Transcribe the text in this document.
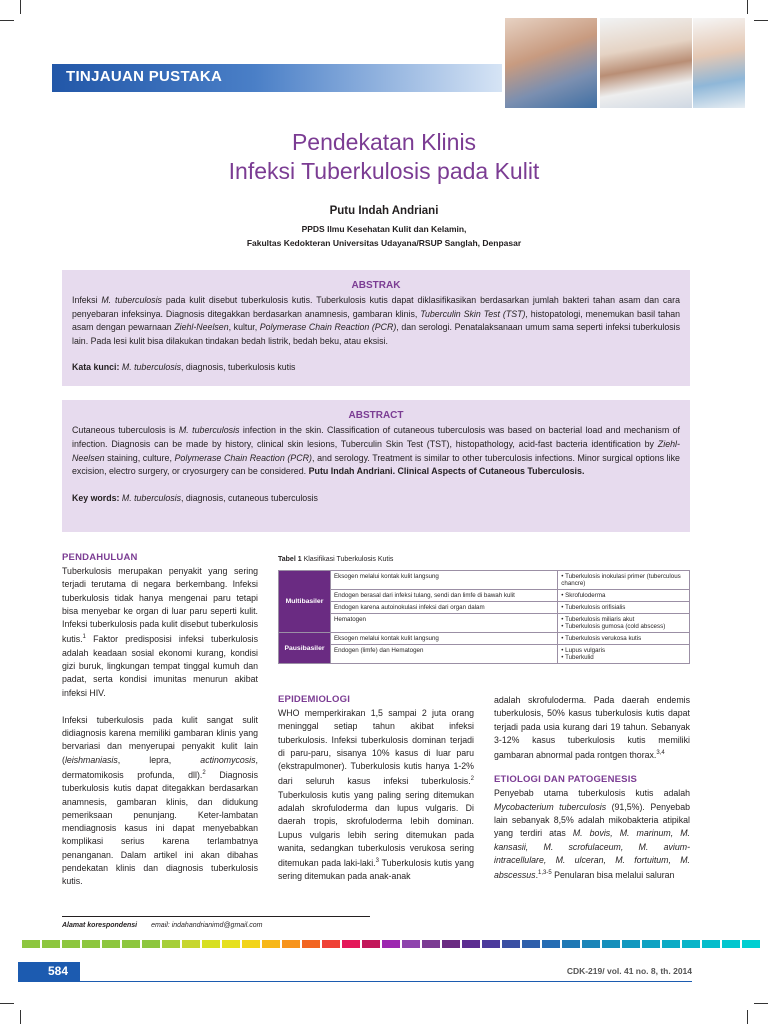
TINJAUAN PUSTAKA
Pendekatan Klinis
Infeksi Tuberkulosis pada Kulit
Putu Indah Andriani
PPDS Ilmu Kesehatan Kulit dan Kelamin,
Fakultas Kedokteran Universitas Udayana/RSUP Sanglah, Denpasar
ABSTRAK
Infeksi M. tuberculosis pada kulit disebut tuberkulosis kutis. Tuberkulosis kutis dapat diklasifikasikan berdasarkan jumlah bakteri tahan asam dan cara penyebaran infeksinya. Diagnosis ditegakkan berdasarkan anamnesis, gambaran klinis, Tuberculin Skin Test (TST), histopatologi, menemukan basil tahan asam dengan pewarnaan Ziehl-Neelsen, kultur, Polymerase Chain Reaction (PCR), dan serologi. Penatalaksanaan umum sama seperti infeksi tuberkulosis lain. Pada lesi kulit bisa dilakukan tindakan bedah listrik, bedah beku, atau eksisi.
Kata kunci: M. tuberculosis, diagnosis, tuberkulosis kutis
ABSTRACT
Cutaneous tuberculosis is M. tuberculosis infection in the skin. Classification of cutaneous tuberculosis was based on bacterial load and mechanism of infection. Diagnosis can be made by history, clinical skin lesions, Tuberculin Skin Test (TST), histopathology, acid-fast bacteria identification by Ziehl-Neelsen staining, culture, Polymerase Chain Reaction (PCR), and serology. Treatment is similar to other tuberculosis infections. Minor surgical options like excision, electro surgery, or cryosurgery can be considered. Putu Indah Andriani. Clinical Aspects of Cutaneous Tuberculosis.
Key words: M. tuberculosis, diagnosis, cutaneous tuberculosis
PENDAHULUAN
Tuberkulosis merupakan penyakit yang sering terjadi terutama di negara berkembang. Infeksi tuberkulosis tidak hanya mengenai paru tetapi bisa menyebar ke organ di luar paru seperti kulit. Infeksi tuberkulosis pada kulit disebut tuberkulosis kutis.$^1$ Faktor predisposisi infeksi tuberkulosis adalah keadaan sosial ekonomi kurang, kondisi gizi buruk, lingkungan tempat tinggal kumuh dan padat, serta kondisi imunitas menurun akibat infeksi HIV.
Infeksi tuberkulosis pada kulit sangat sulit didiagnosis karena memiliki gambaran klinis yang bervariasi dan menyerupai penyakit kulit lain (leishmaniasis, lepra, actinomycosis, dermatomikosis profunda, dll).$^2$ Diagnosis tuberkulosis kutis dapat ditegakkan berdasarkan anamnesis, gambaran klinis, dan didukung pemeriksaan penunjang. Keter-lambatan mendiagnosis kasus ini dapat menyebabkan komplikasi serius karena terlambatnya penanganan. Dalam artikel ini akan dibahas pendekatan klinis dan diagnosis tuberkulosis kutis.
Tabel 1 Klasifikasi Tuberkulosis Kutis
Multibasiler	Eksogen melalui kontak kulit langsung	• Tuberkulosis inokulasi primer (tuberculous chancre)

	Endogen berasal dari infeksi tulang, sendi dan limfe di bawah kulit	• Skrofuloderma

	Endogen karena autoinokulasi infeksi dari organ dalam	• Tuberkulosis orifisialis

	Hematogen	• Tuberkulosis miliaris akut
• Tuberkulosis gumosa (cold abscess)

Pausibasiler	Eksogen melalui kontak kulit langsung	• Tuberkulosis verukosa kutis

	Endogen (limfe) dan Hematogen	• Lupus vulgaris
• Tuberkulid
EPIDEMIOLOGI
WHO memperkirakan 1,5 sampai 2 juta orang meninggal setiap tahun akibat infeksi tuberkulosis. Infeksi tuberkulosis dominan terjadi di paru-paru, sisanya 10% kasus di luar paru (ekstrapulmoner). Tuberkulosis kutis hanya 1-2% dari seluruh kasus infeksi tuberkulosis.$^2$ Tuberkulosis kutis yang paling sering ditemukan adalah skrofuloderma dan lupus vulgaris. Di daerah tropis, skrofuloderma lebih dominan. Lupus vulgaris lebih sering ditemukan pada wanita, sedangkan tuberkulosis verukosa sering ditemukan pada laki-laki.$^3$ Tuberkulosis kutis yang sering ditemukan pada anak-anak
adalah skrofuloderma. Pada daerah endemis tuberkulosis, 50% kasus tuberkulosis kutis dapat terjadi pada usia kurang dari 19 tahun. Sebanyak 3-12% kasus tuberkulosis kutis memiliki gambaran abnormal pada rontgen thorax.$^{3,4}$
ETIOLOGI DAN PATOGENESIS
Penyebab utama tuberkulosis kutis adalah Mycobacterium tuberculosis (91,5%). Penyebab lain sebanyak 8,5% adalah mikobakteria atipikal yang terdiri atas M. bovis, M. marinum, M. kansasii, M. scrofulaceum, M. avium-intracellulare, M. ulceran, M. fortuitum, M. abscessus.$^{1,3-5}$ Penularan bisa melalui saluran
Alamat korespondensi email: indahandrianimd@gmail.com
584	CDK-219/ vol. 41 no. 8, th. 2014
